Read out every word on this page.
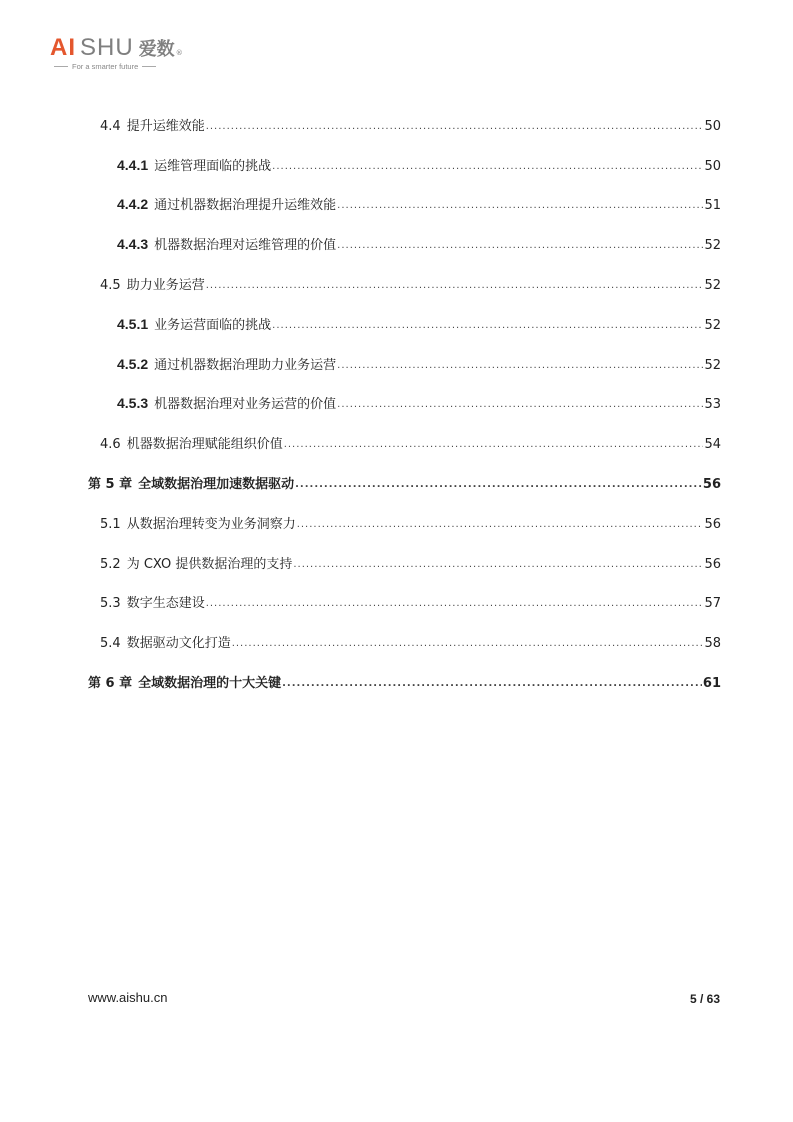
AI SHU 爱数 ®
For a smarter future
4.4 提升运维效能 .....	50
4.4.1 运维管理面临的挑战 .....	50
4.4.2 通过机器数据治理提升运维效能 .....	51
4.4.3 机器数据治理对运维管理的价值 .....	52
4.5 助力业务运营 .....	52
4.5.1 业务运营面临的挑战 .....	52
4.5.2 通过机器数据治理助力业务运营 .....	52
4.5.3 机器数据治理对业务运营的价值 .....	53
4.6 机器数据治理赋能组织价值 .....	54
第 5 章 全域数据治理加速数据驱动 .....	56
5.1 从数据治理转变为业务洞察力 .....	56
5.2 为 CXO 提供数据治理的支持 .....	56
5.3 数字生态建设 .....	57
5.4 数据驱动文化打造 .....	58
第 6 章 全域数据治理的十大关键 .....	61
www.aishu.cn	5 / 63
